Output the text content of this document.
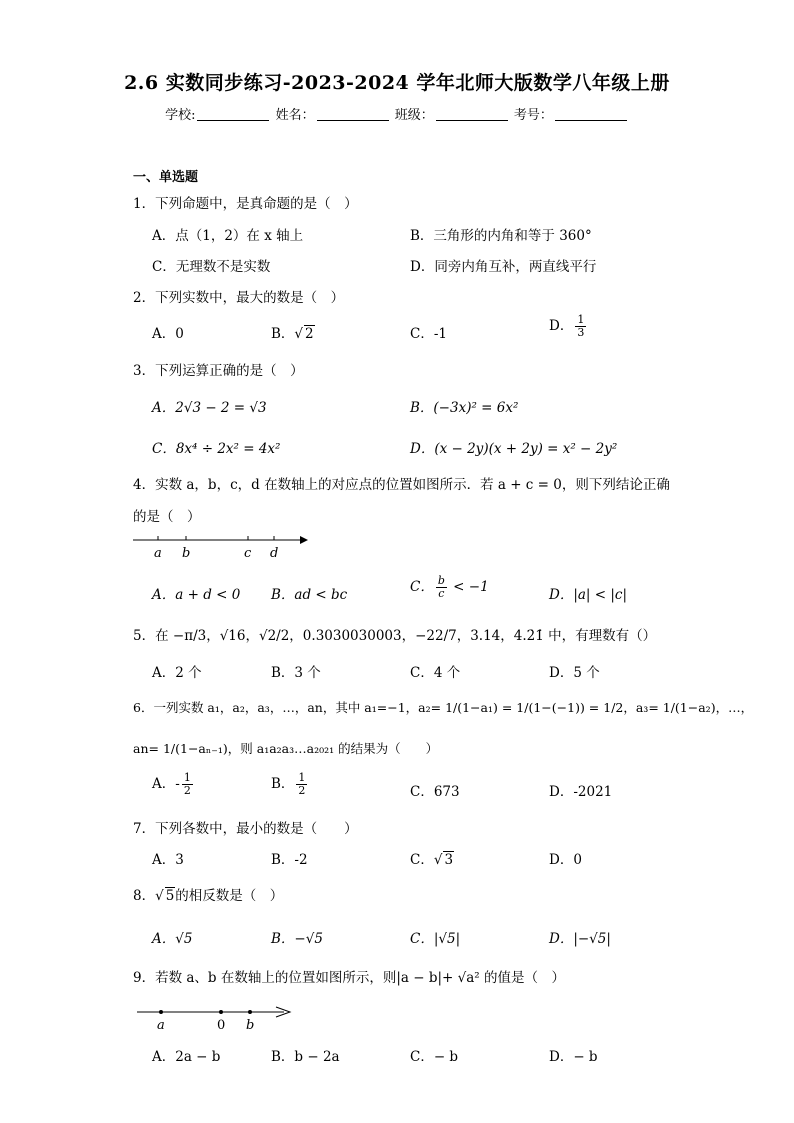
2.6 实数同步练习-2023-2024 学年北师大版数学八年级上册
学校:	姓名：	班级：	考号：
一、单选题
1．下列命题中，是真命题的是（　）
A．点（1，2）在 x 轴上	B．三角形的内角和等于 360°
C．无理数不是实数	D．同旁内角互补，两直线平行
2．下列实数中，最大的数是（　）
A．0	B．√ 2	C．-1	D． $\frac{1}{3}$
3．下列运算正确的是（　）
A．2√3 − 2 = √3	B．(−3x)² = 6x²
C．8x⁴ ÷ 2x² = 4x²	D．(x − 2y)(x + 2y) = x² − 2y²
4．实数 a，b，c，d 在数轴上的对应点的位置如图所示．若 a + c = 0，则下列结论正确
的是（　）
a b	c d
A．a + d < 0 B．ad < bc	C． $\frac{b}{c} < -1$	D．|a| < |c|
5．在 −π/3，√16，√2/2，0.3030030003，−22/7，3.14，4.2̇1̇ 中，有理数有（）
A．2 个	B．3 个	C．4 个	D．5 个
6．一列实数 a₁，a₂，a₃，…，an，其中 a₁=−1，a₂= 1/(1−a₁) = 1/(1−(−1)) = 1/2，a₃= 1/(1−a₂)，…，
an= 1/(1−aₙ₋₁)，则 a₁a₂a₃…a₂₀₂₁ 的结果为（　　）
A．- $\frac{1}{2}$	B． $\frac{1}{2}$	C．673	D．-2021
7．下列各数中，最小的数是（　　）
A．3	B．-2	C．√ 3	D．0
8．√ 5的相反数是（　）
A．√5	B．−√5	C．|√5|	D．|−√5|
9．若数 a、b 在数轴上的位置如图所示，则|a − b|+ √a² 的值是（　）
a	0 b
A．2a − b	B．b − 2a	C．− b	D．− b
